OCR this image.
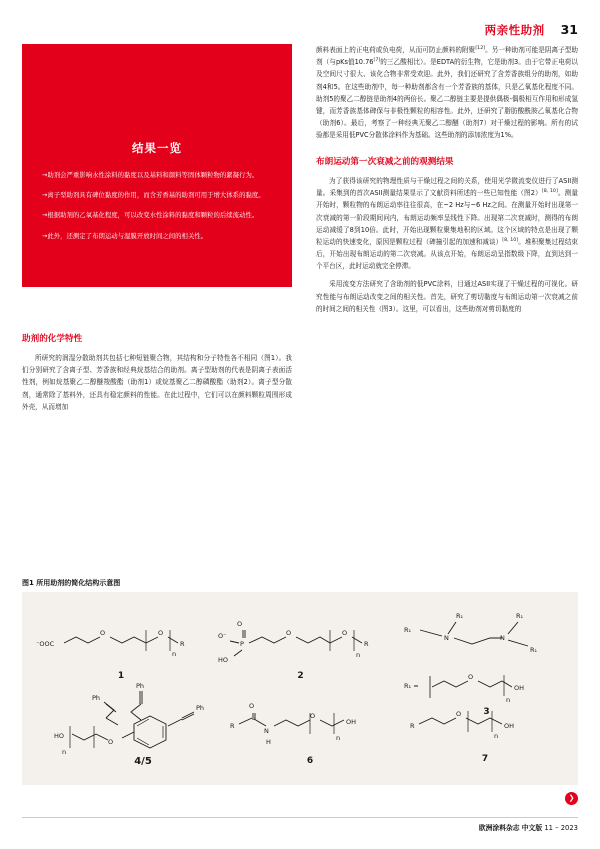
两亲性助剂 31
结果一览
→助剂会严重影响水性涂料的黏度以及基料和颜料等固体颗粒物的絮凝行为。
→离子型助剂具有碑位黏度的作用，而含芳香基的助剂可用于增大体系的黏度。
→根据助剂的乙氧基化程度，可以改变水性涂料的黏度和颗粒的后续流动性。
→此外，还测定了布朗运动与湿膜开放时间之间的相关性。
助剂的化学特性

所研究的润湿分散助剂共包括七种短链聚合物，其结构和分子特性各不相同（图1）。我们分别研究了含离子型、芳香族和经典烷基结合的助剂。离子型助剂的代表是阴离子表面活性剂，例如烷基聚乙二醇醚羧酸酯（助剂1）或烷基聚乙二醇磷酸酯（助剂2）。离子型分散剂，通常除了基料外，还具有稳定颜料的性能。在此过程中，它们可以在颜料颗粒周围形成外壳，从而增加

颜料表面上的正电荷或负电荷，从而可防止颜料的附聚[12]。另一种助剂可能是阴离子型助剂（与pKs值10.76[7]的三乙酸相比）。是EDTA的衍生物，它是助剂3。由于它带正电荷以及空间尺寸很大、该化合物非常受欢迎。此外，我们还研究了含芳香族组分的助剂，如助剂4和5。在这些助剂中，每一种助剂都含有一个芳香族的基体，只是乙氧基化程度不同。助剂5的聚乙二醇链是助剂4的两倍长。聚乙二醇链主要是提供偶极-偶极相互作用和形成氢键，而芳香族基体碑保与非极性颗粒的相容性。此外，还研究了脂肪酸酰胺乙氧基化合物（助剂6）。最后，考察了一种经典无聚乙二醇醚（助剂7）对干燥过程的影响。所有的试验都是采用低PVC分散体涂料作为基础。这些助剂的添加浓度为1%。

布朗运动第一次衰减之前的观测结果

为了获得该研究的物理性质与干燥过程之间的关系，使用光学微流变仪进行了ASII测量。采集到的首次ASII测量结果显示了文献资料所述的一些已知性能（图2）[8, 10]。测量开始时，颗粒物的布朗运动率往往很高，在~2 Hz与~6 Hz之间。在测量开始时出现第一次衰减的第一阶段期间问内，布朗运动频率呈线性下降。出现第二次衰减时，测得的布朗运动减缓了8到10倍。此时，开始出现颗粒聚集地积的区域。这个区域的特点是出现了颗粒运动的快速变化，原因是颗粒过程（碑撞引起的加速和减谈）[8, 10]。堆积聚集过程结束后，开始出现布朗运动的第二次衰减。从该点开始，布朗运动呈指数级下降，直到达到一个平台区，此时运动就完全停滞。

采用流变方法研究了含助剂的低PVC涂料，目通过ASII实现了干燥过程的可视化。研究性能与布朗运动改变之间的相关性。首先，研究了剪切黏度与布朗运动第一次衰减之前的时间之间的相关性（图3）。这里，可以看出，这些助剂对剪切黏度的

图1 所用助剂的简化结构示意图
⁻OOC
O	O
R
n
1
O⁻
P
O
HO
O	O
R
n
2
R₁
R₁
R₁
N	N
R₁
R₁ =
O
OH
n
3
Ph
Ph
Ph
O
HO
n
4/5
R
O
N
H
O
OH
n
6
R
O
OH
n
7
❯
欧洲涂料杂志 中文版 11 – 2023
